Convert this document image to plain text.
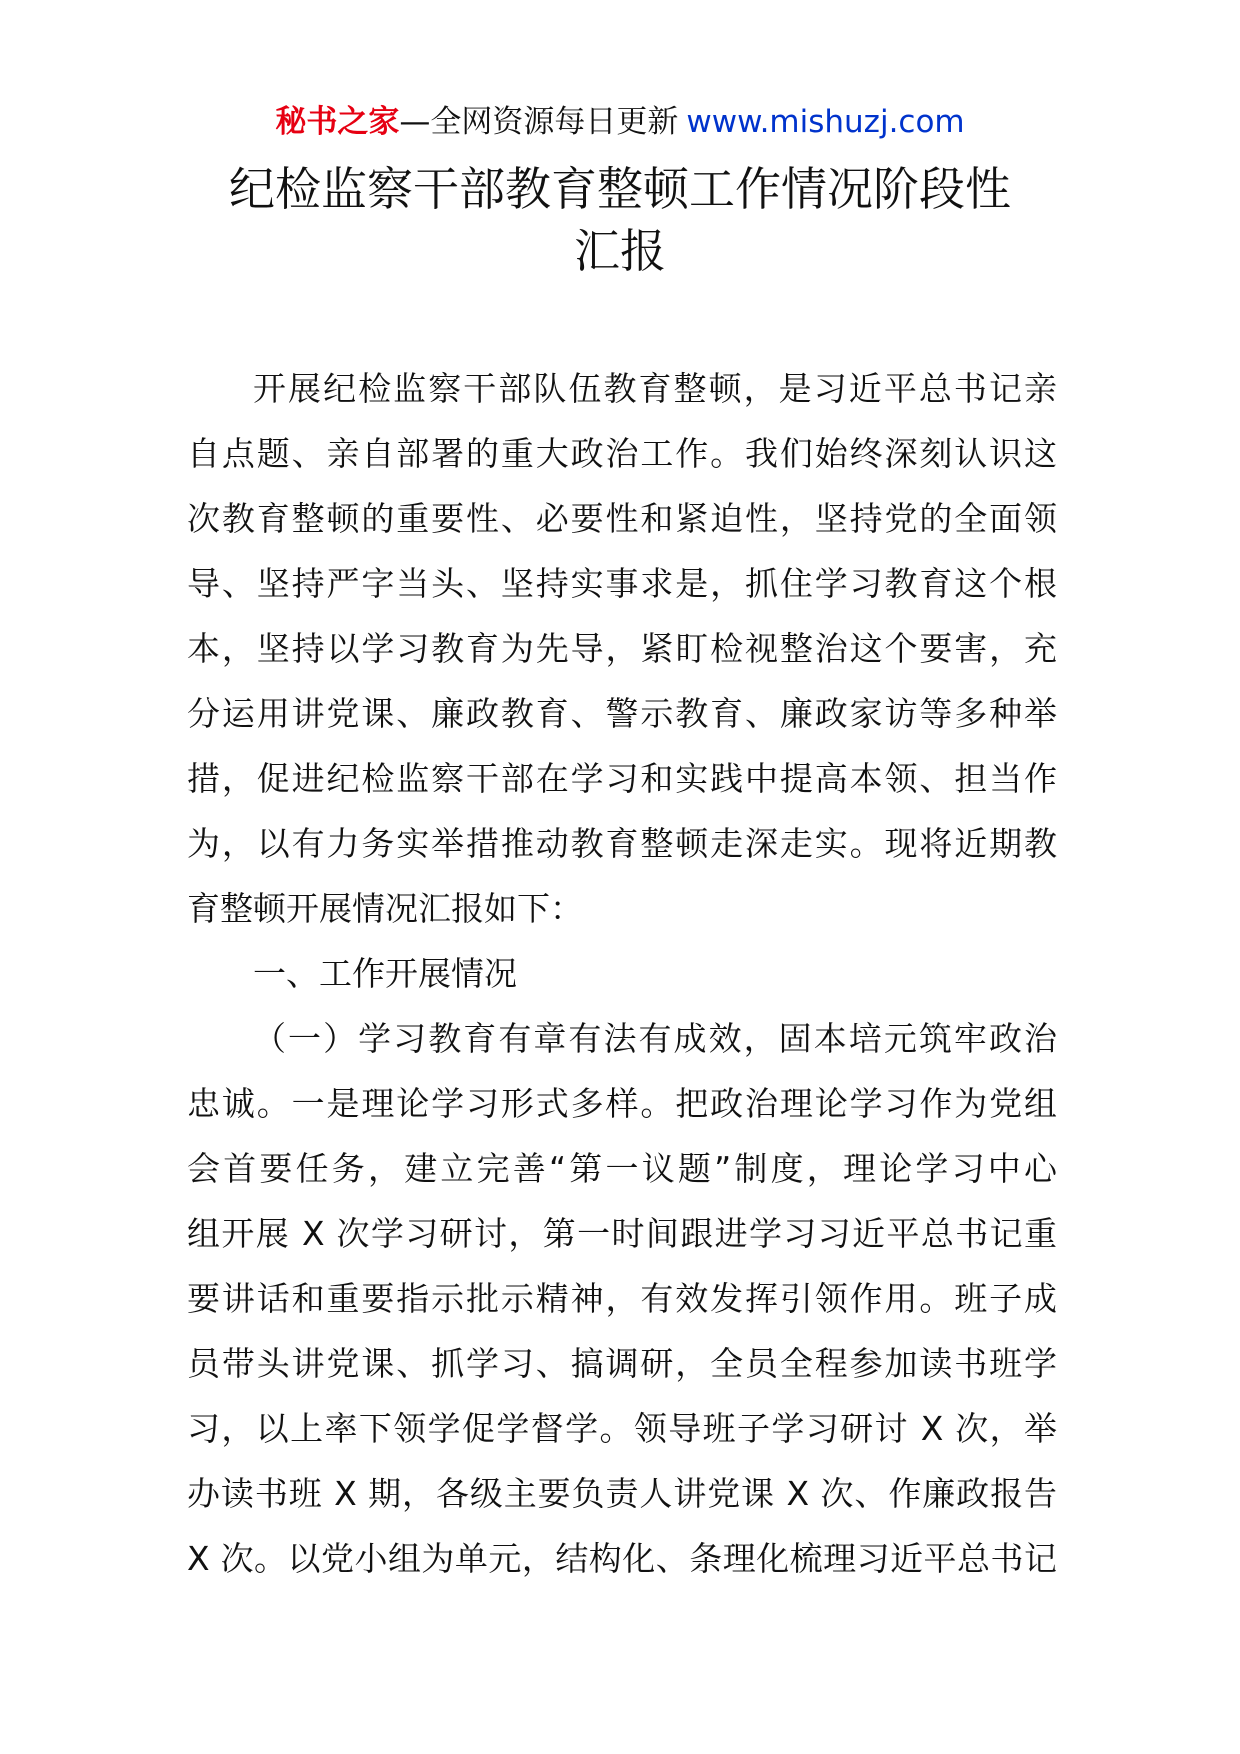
秘书之家—全网资源每日更新 www.mishuzj.com
纪检监察干部教育整顿工作情况阶段性
汇报
开展纪检监察干部队伍教育整顿，是习近平总书记亲
自点题、亲自部署的重大政治工作。我们始终深刻认识这
次教育整顿的重要性、必要性和紧迫性，坚持党的全面领
导、坚持严字当头、坚持实事求是，抓住学习教育这个根
本，坚持以学习教育为先导，紧盯检视整治这个要害，充
分运用讲党课、廉政教育、警示教育、廉政家访等多种举
措，促进纪检监察干部在学习和实践中提高本领、担当作
为，以有力务实举措推动教育整顿走深走实。现将近期教
育整顿开展情况汇报如下：
一、工作开展情况
（一）学习教育有章有法有成效，固本培元筑牢政治
忠诚。一是理论学习形式多样。把政治理论学习作为党组
会首要任务，建立完善“第一议题”制度，理论学习中心
组开展 X 次学习研讨，第一时间跟进学习习近平总书记重
要讲话和重要指示批示精神，有效发挥引领作用。班子成
员带头讲党课、抓学习、搞调研，全员全程参加读书班学
习，以上率下领学促学督学。领导班子学习研讨 X 次，举
办读书班 X 期，各级主要负责人讲党课 X 次、作廉政报告
X 次。以党小组为单元，结构化、条理化梳理习近平总书记
